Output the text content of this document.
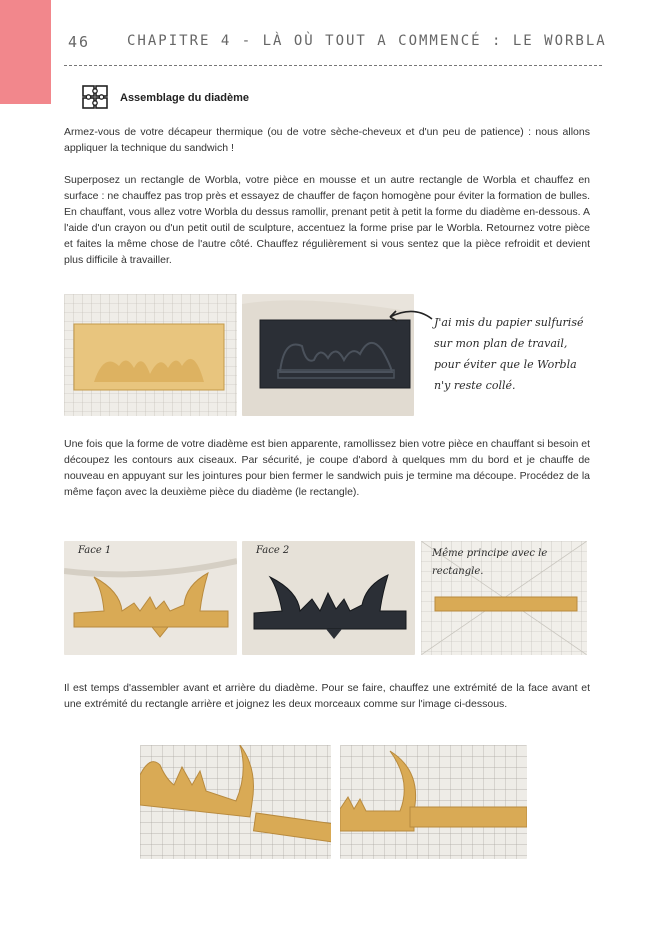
46	CHAPITRE 4 - LÀ OÙ TOUT A COMMENCÉ : LE WORBLA
Assemblage du diadème

Armez-vous de votre décapeur thermique (ou de votre sèche-cheveux et d'un peu de patience) : nous allons appliquer la technique du sandwich !

Superposez un rectangle de Worbla, votre pièce en mousse et un autre rectangle de Worbla et chauffez en surface : ne chauffez pas trop près et essayez de chauffer de façon homogène pour éviter la formation de bulles. En chauffant, vous allez votre Worbla du dessus ramollir, prenant petit à petit la forme du diadème en-dessous. A l'aide d'un crayon ou d'un petit outil de sculpture, accentuez la forme prise par le Worbla. Retournez votre pièce et faites la même chose de l'autre côté. Chauffez régulièrement si vous sentez que la pièce refroidit et devient plus difficile à travailler.

J'ai mis du papier sulfurisé sur mon plan de travail, pour éviter que le Worbla n'y reste collé.

Une fois que la forme de votre diadème est bien apparente, ramollissez bien votre pièce en chauffant si besoin et découpez les contours aux ciseaux. Par sécurité, je coupe d'abord à quelques mm du bord et je chauffe de nouveau en appuyant sur les jointures pour bien fermer le sandwich puis je termine ma découpe. Procédez de la même façon avec la deuxième pièce du diadème (le rectangle).

Face 1	Face 2	Même principe avec le rectangle.

Il est temps d'assembler avant et arrière du diadème. Pour se faire, chauffez une extrémité de la face avant et une extrémité du rectangle arrière et joignez les deux morceaux comme sur l'image ci-dessous.
